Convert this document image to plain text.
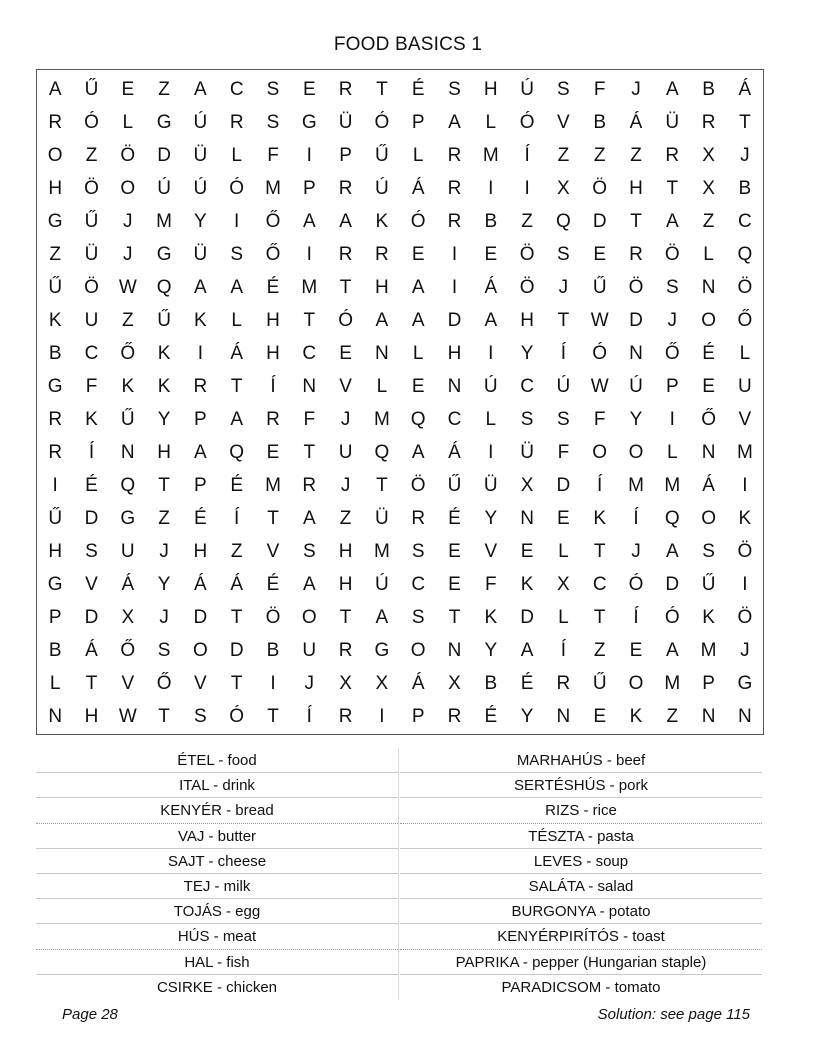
FOOD BASICS 1
A	Ű	E	Z	A	C	S	E	R	T	É	S	H	Ú	S	F	J	A	B	Á
R	Ó	L	G	Ú	R	S	G	Ü	Ó	P	A	L	Ó	V	B	Á	Ü	R	T
O	Z	Ö	D	Ü	L	F	I	P	Ű	L	R	M	Í	Z	Z	Z	R	X	J
H	Ö	O	Ú	Ú	Ó	M	P	R	Ú	Á	R	I	I	X	Ö	H	T	X	B
G	Ű	J	M	Y	I	Ő	A	A	K	Ó	R	B	Z	Q	D	T	A	Z	C
Z	Ü	J	G	Ü	S	Ő	I	R	R	E	I	E	Ö	S	E	R	Ö	L	Q
Ű	Ö	W	Q	A	A	É	M	T	H	A	I	Á	Ö	J	Ű	Ö	S	N	Ö
K	U	Z	Ű	K	L	H	T	Ó	A	A	D	A	H	T	W	D	J	O	Ő
B	C	Ő	K	I	Á	H	C	E	N	L	H	I	Y	Í	Ó	N	Ő	É	L
G	F	K	K	R	T	Í	N	V	L	E	N	Ú	C	Ú	W	Ú	P	E	U
R	K	Ű	Y	P	A	R	F	J	M	Q	C	L	S	S	F	Y	I	Ő	V
R	Í	N	H	A	Q	E	T	U	Q	A	Á	I	Ü	F	O	O	L	N	M
I	É	Q	T	P	É	M	R	J	T	Ö	Ű	Ü	X	D	Í	M	M	Á	I
Ű	D	G	Z	É	Í	T	A	Z	Ü	R	É	Y	N	E	K	Í	Q	O	K
H	S	U	J	H	Z	V	S	H	M	S	E	V	E	L	T	J	A	S	Ö
G	V	Á	Y	Á	Á	É	A	H	Ú	C	E	F	K	X	C	Ó	D	Ű	I
P	D	X	J	D	T	Ö	O	T	A	S	T	K	D	L	T	Í	Ó	K	Ö
B	Á	Ő	S	O	D	B	U	R	G	O	N	Y	A	Í	Z	E	A	M	J
L	T	V	Ő	V	T	I	J	X	X	Á	X	B	É	R	Ű	O	M	P	G
N	H	W	T	S	Ó	T	Í	R	I	P	R	É	Y	N	E	K	Z	N	N
ÉTEL - food
ITAL - drink
KENYÉR - bread
VAJ - butter
SAJT - cheese
TEJ - milk
TOJÁS - egg
HÚS - meat
HAL - fish
CSIRKE - chicken
MARHAHÚS - beef
SERTÉSHÚS - pork
RIZS - rice
TÉSZTA - pasta
LEVES - soup
SALÁTA - salad
BURGONYA - potato
KENYÉRPIRÍTÓS - toast
PAPRIKA - pepper (Hungarian staple)
PARADICSOM - tomato
Page 28	Solution: see page 115
